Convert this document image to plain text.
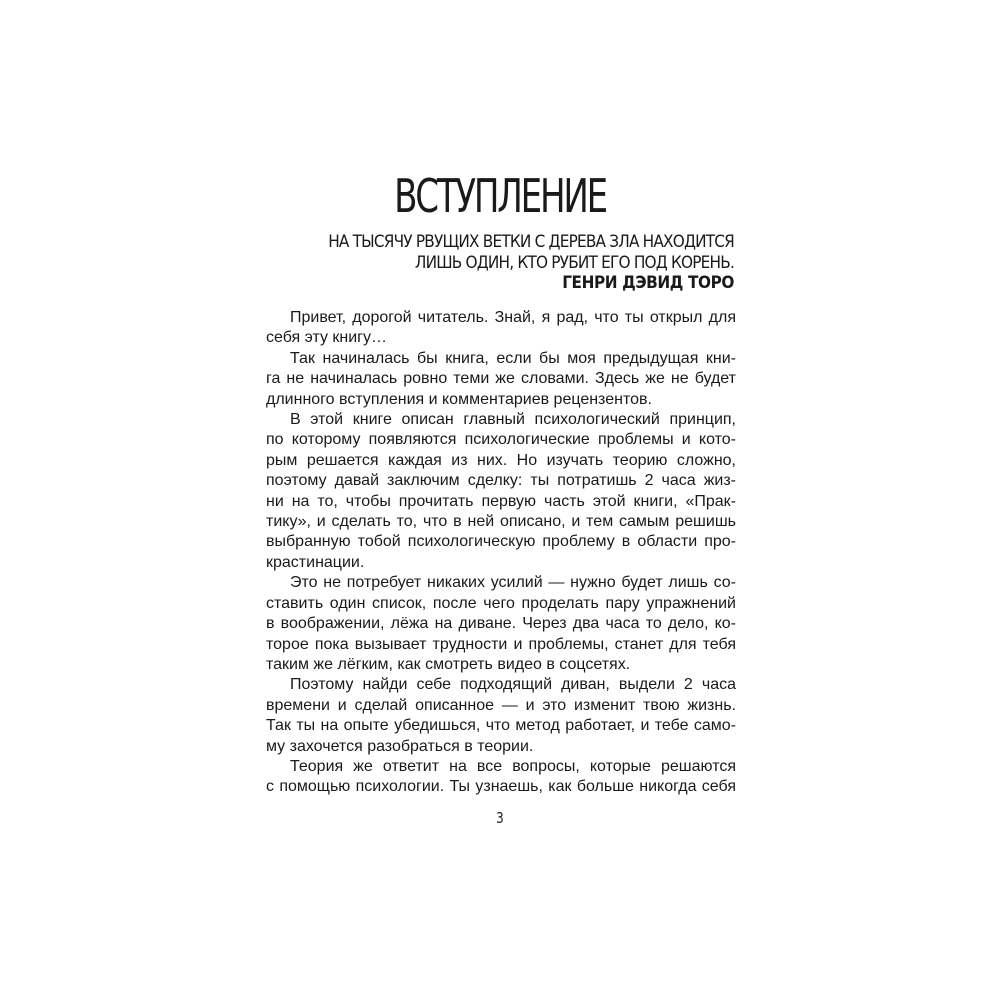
ВСТУПЛЕНИЕ
НА ТЫСЯЧУ РВУЩИХ ВЕТКИ С ДЕРЕВА ЗЛА НАХОДИТСЯ
ЛИШЬ ОДИН, КТО РУБИТ ЕГО ПОД КОРЕНЬ.
ГЕНРИ ДЭВИД ТОРО

Привет, дорогой читатель. Знай, я рад, что ты открыл для
себя эту книгу…

Так начиналась бы книга, если бы моя предыдущая кни-
га не начиналась ровно теми же словами. Здесь же не будет
длинного вступления и комментариев рецензентов.

В этой книге описан главный психологический принцип,
по которому появляются психологические проблемы и кото-
рым решается каждая из них. Но изучать теорию сложно,
поэтому давай заключим сделку: ты потратишь 2 часа жиз-
ни на то, чтобы прочитать первую часть этой книги, «Прак-
тику», и сделать то, что в ней описано, и тем самым решишь
выбранную тобой психологическую проблему в области про-
крастинации.

Это не потребует никаких усилий — нужно будет лишь со-
ставить один список, после чего проделать пару упражнений
в воображении, лёжа на диване. Через два часа то дело, ко-
торое пока вызывает трудности и проблемы, станет для тебя
таким же лёгким, как смотреть видео в соцсетях.

Поэтому найди себе подходящий диван, выдели 2 часа
времени и сделай описанное — и это изменит твою жизнь.
Так ты на опыте убедишься, что метод работает, и тебе само-
му захочется разобраться в теории.

Теория же ответит на все вопросы, которые решаются
с помощью психологии. Ты узнаешь, как больше никогда себя

3
